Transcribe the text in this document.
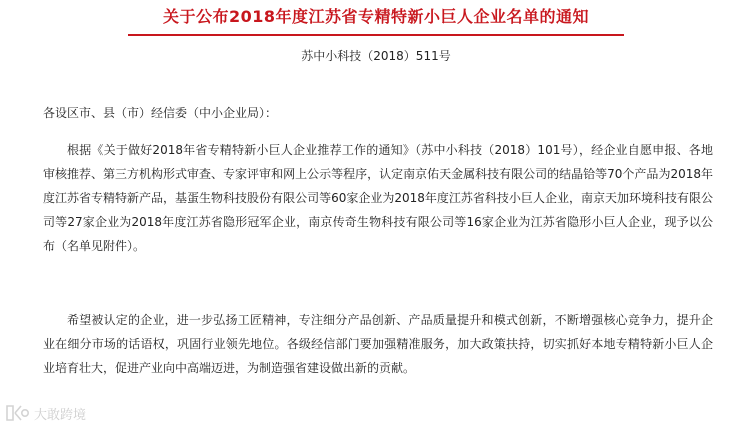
关于公布2018年度江苏省专精特新小巨人企业名单的通知
苏中小科技（2018）511号

各设区市、县（市）经信委（中小企业局）：

根据《关于做好2018年省专精特新小巨人企业推荐工作的通知》（苏中小科技（2018）101号），经企业自愿申报、各地审核推荐、第三方机构形式审查、专家评审和网上公示等程序，认定南京佑天金属科技有限公司的结晶铪等70个产品为2018年度江苏省专精特新产品，基蛋生物科技股份有限公司等60家企业为2018年度江苏省科技小巨人企业，南京天加环境科技有限公司等27家企业为2018年度江苏省隐形冠军企业，南京传奇生物科技有限公司等16家企业为江苏省隐形小巨人企业，现予以公布（名单见附件）。

希望被认定的企业，进一步弘扬工匠精神，专注细分产品创新、产品质量提升和模式创新，不断增强核心竞争力，提升企业在细分市场的话语权，巩固行业领先地位。各级经信部门要加强精准服务，加大政策扶持，切实抓好本地专精特新小巨人企业培育壮大，促进产业向中高端迈进，为制造强省建设做出新的贡献。

大敢跨境
